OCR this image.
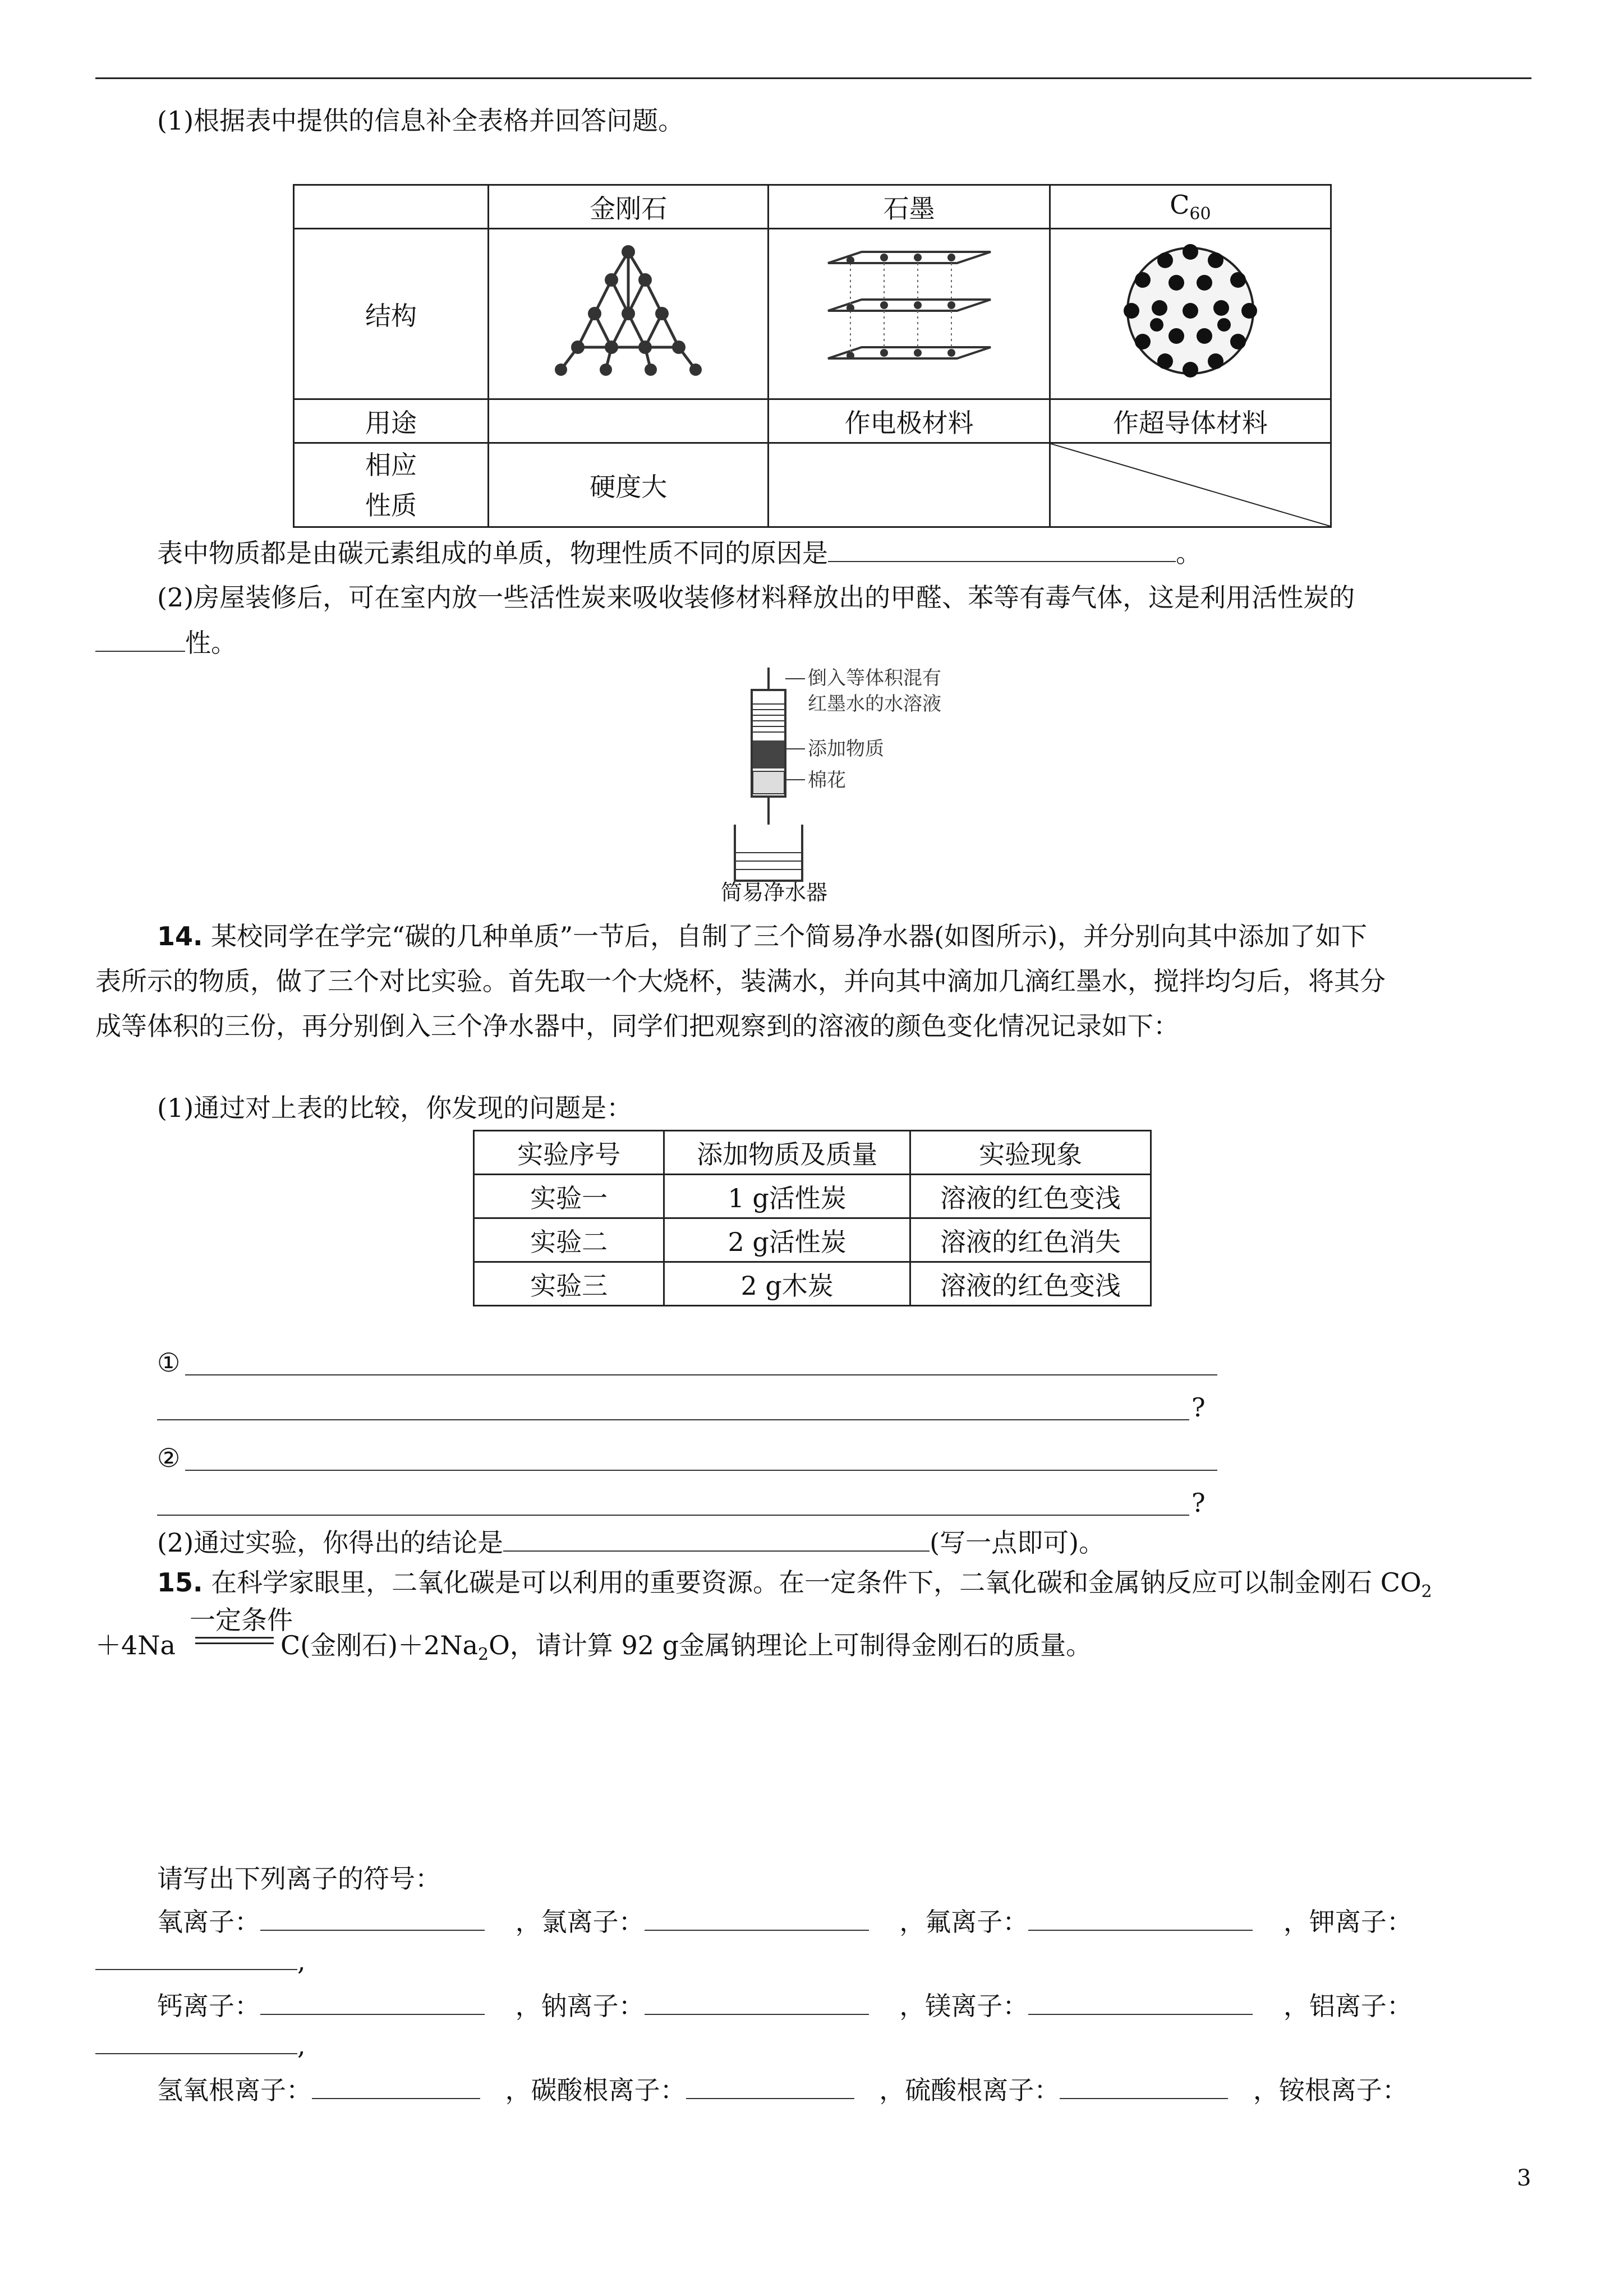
(1)根据表中提供的信息补全表格并回答问题。
	金刚石	石墨	$C_{60}$
结构			
用途		作电极材料	作超导体材料

相应
性质	硬度大		
表中物质都是由碳元素组成的单质，物理性质不同的原因是	。
(2)房屋装修后，可在室内放一些活性炭来吸收装修材料释放出的甲醛、苯等有毒气体，这是利用活性炭的
性。
倒入等体积混有
红墨水的水溶液
添加物质
棉花
简易净水器
14. 某校同学在学完“碳的几种单质”一节后，自制了三个简易净水器(如图所示)，并分别向其中添加了如下
表所示的物质，做了三个对比实验。首先取一个大烧杯，装满水，并向其中滴加几滴红墨水，搅拌均匀后，将其分
成等体积的三份，再分别倒入三个净水器中，同学们把观察到的溶液的颜色变化情况记录如下：
(1)通过对上表的比较，你发现的问题是：
实验序号	添加物质及质量	实验现象
实验一	1 g活性炭	溶液的红色变浅
实验二	2 g活性炭	溶液的红色消失
实验三	2 g木炭	溶液的红色变浅
①
?
②
?
(2)通过实验，你得出的结论是	(写一点即可)。
15. 在科学家眼里，二氧化碳是可以利用的重要资源。在一定条件下，二氧化碳和金属钠反应可以制金刚石 $CO_2$
＋4Na
一定条件
C(金刚石)$+2Na_2O$，请计算 92 g金属钠理论上可制得金刚石的质量。
请写出下列离子的符号：
氧离子：	，氯离子：	，氟离子：	，钾离子：
,
钙离子：	，钠离子：	，镁离子：	，铝离子：
,
氢氧根离子：	，碳酸根离子：	，硫酸根离子：	，铵根离子：
3
